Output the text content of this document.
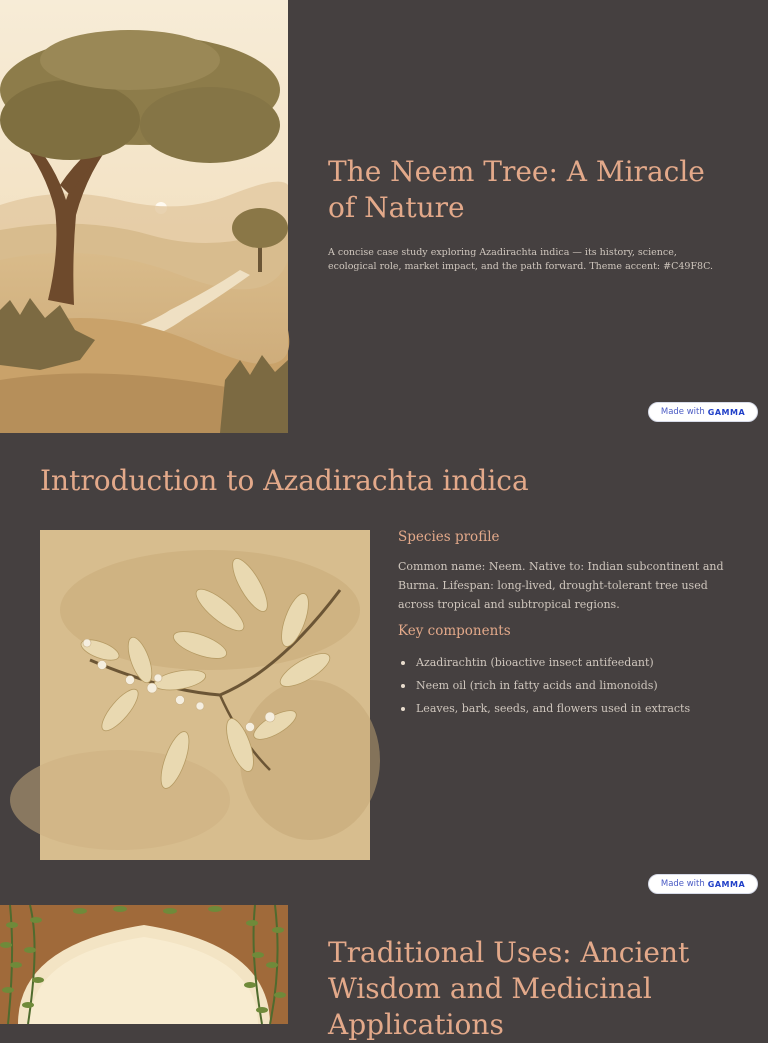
The Neem Tree: A Miracle of Nature

A concise case study exploring Azadirachta indica — its history, science, ecological role, market impact, and the path forward. Theme accent: #C49F8C.

Made with GAMMA
Introduction to Azadirachta indica
Species profile

Common name: Neem. Native to: Indian subcontinent and Burma. Lifespan: long-lived, drought-tolerant tree used across tropical and subtropical regions.

Key components
Azadirachtin (bioactive insect antifeedant)
Neem oil (rich in fatty acids and limonoids)
Leaves, bark, seeds, and flowers used in extracts
Made with GAMMA
Traditional Uses: Ancient Wisdom and Medicinal Applications
